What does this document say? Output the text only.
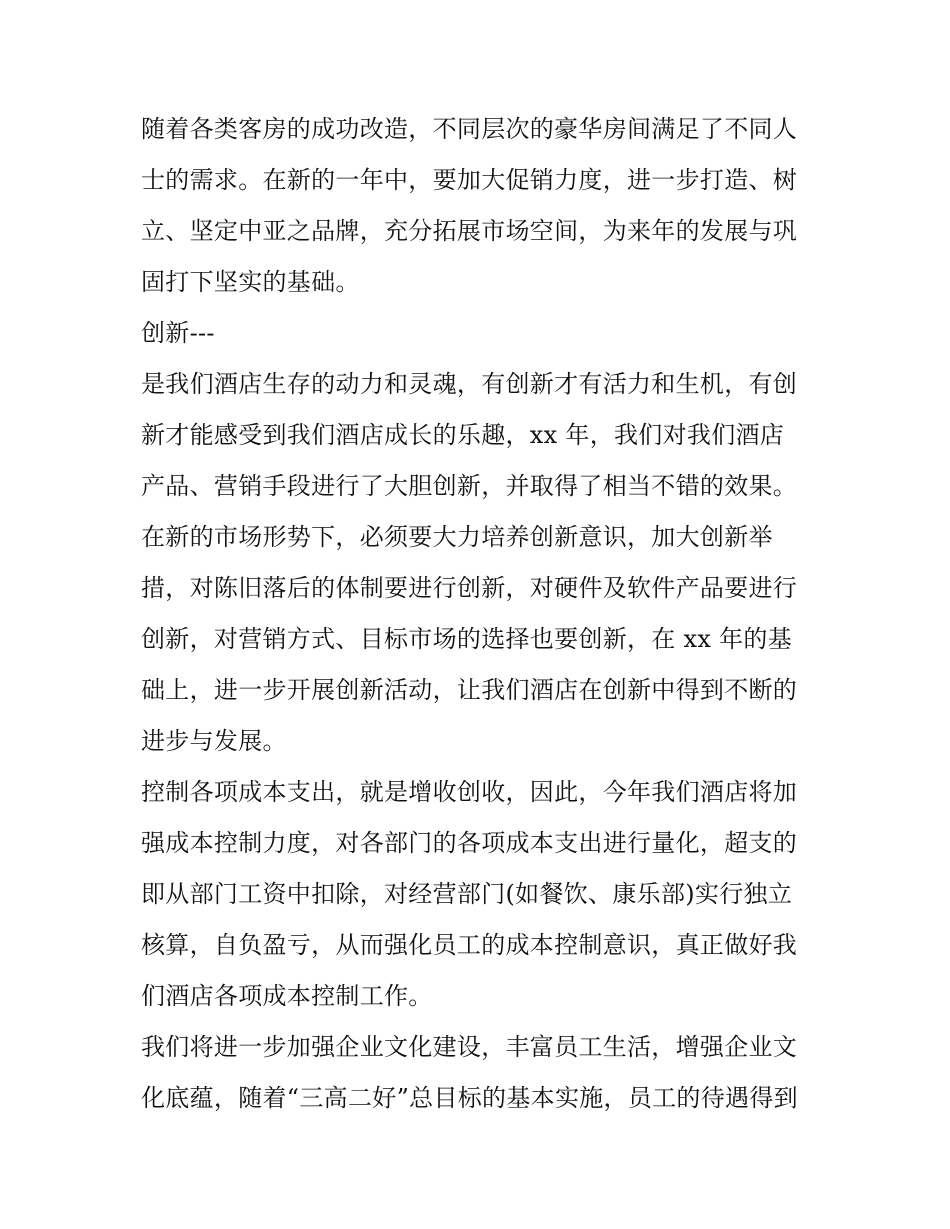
随着各类客房的成功改造，不同层次的豪华房间满足了不同人
士的需求。在新的一年中，要加大促销力度，进一步打造、树
立、坚定中亚之品牌，充分拓展市场空间，为来年的发展与巩
固打下坚实的基础。
创新---
是我们酒店生存的动力和灵魂，有创新才有活力和生机，有创
新才能感受到我们酒店成长的乐趣，xx 年，我们对我们酒店
产品、营销手段进行了大胆创新，并取得了相当不错的效果。
在新的市场形势下，必须要大力培养创新意识，加大创新举
措，对陈旧落后的体制要进行创新，对硬件及软件产品要进行
创新，对营销方式、目标市场的选择也要创新，在 xx 年的基
础上，进一步开展创新活动，让我们酒店在创新中得到不断的
进步与发展。
控制各项成本支出，就是增收创收，因此，今年我们酒店将加
强成本控制力度，对各部门的各项成本支出进行量化，超支的
即从部门工资中扣除，对经营部门(如餐饮、康乐部)实行独立
核算，自负盈亏，从而强化员工的成本控制意识，真正做好我
们酒店各项成本控制工作。
我们将进一步加强企业文化建设，丰富员工生活，增强企业文
化底蕴，随着“三高二好”总目标的基本实施，员工的待遇得到
